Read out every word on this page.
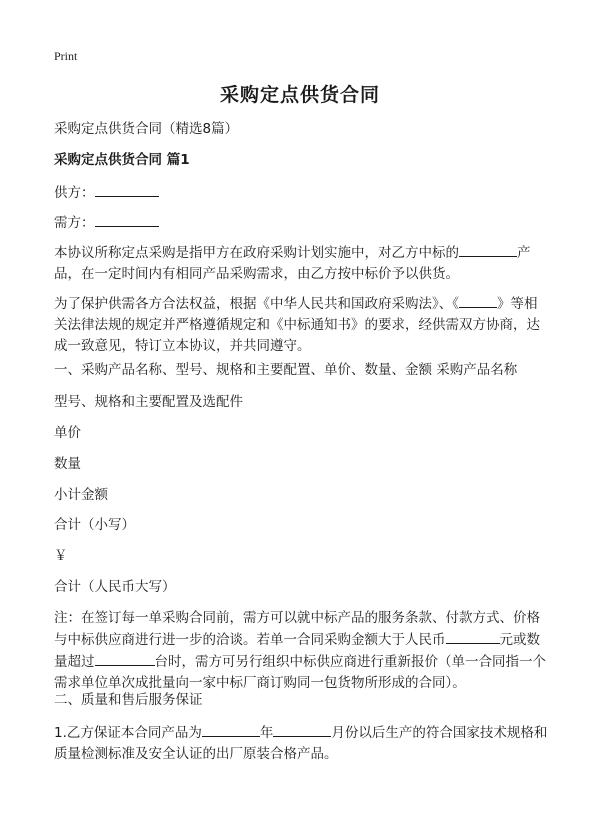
Print
采购定点供货合同
采购定点供货合同（精选8篇）
采购定点供货合同 篇1
供方：
需方：
本协议所称定点采购是指甲方在政府采购计划实施中，对乙方中标的	产品，在一定时间内有相同产品采购需求，由乙方按中标价予以供货。
为了保护供需各方合法权益，根据《中华人民共和国政府采购法》、《	》等相关法律法规的规定并严格遵循规定和《中标通知书》的要求，经供需双方协商，达成一致意见，特订立本协议，并共同遵守。
一、采购产品名称、型号、规格和主要配置、单价、数量、金额 采购产品名称
型号、规格和主要配置及选配件
单价
数量
小计金额
合计（小写）
￥
合计（人民币大写）
注：在签订每一单采购合同前，需方可以就中标产品的服务条款、付款方式、价格与中标供应商进行进一步的洽谈。若单一合同采购金额大于人民币	元或数量超过	台时，需方可另行组织中标供应商进行重新报价（单一合同指一个需求单位单次成批量向一家中标厂商订购同一包货物所形成的合同）。
二、质量和售后服务保证
1.乙方保证本合同产品为	年	月份以后生产的符合国家技术规格和质量检测标准及安全认证的出厂原装合格产品。
